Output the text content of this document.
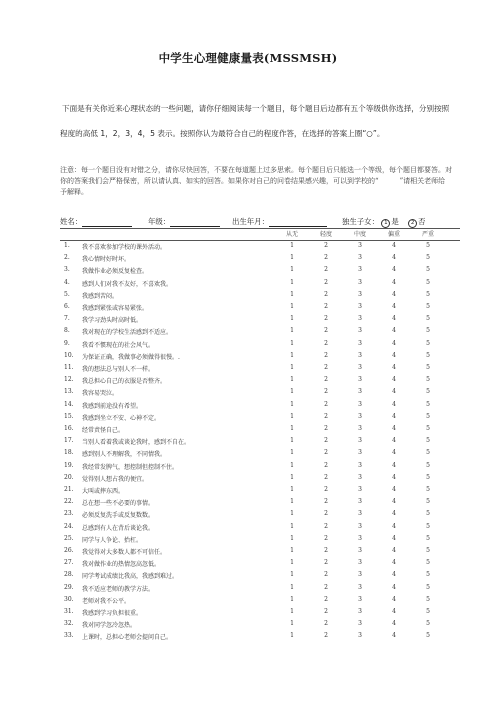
中学生心理健康量表(MSSMSH)

下面是有关你近来心理状态的一些问题，请你仔细阅读每一个题目，每个题目后边都有五个等级供你选择，分别按照程度的高低 1，2，3，4，5 表示。按照你认为最符合自己的程度作答，在选择的答案上圈“○”。

注意：每一个题目没有对错之分，请你尽快回答，不要在每道题上过多思索。每个题目后只能选一个等级，每个题目都要答。对你的答案我们会严格保密，所以请认真、如实的回答。如果你对自己的问卷结果感兴趣，可以到学校的“　　　”请相关老师给予解释。
姓名：	年级：	出生年月：	独生子女： 1 是 2 否
从无	轻度	中度	偏重	严重
1.	我不喜欢参加学校的课外活动。	1	2	3	4	5
2.	我心情时好时坏。	1	2	3	4	5
3.	我做作业必须反复检查。	1	2	3	4	5
4.	感到人们对我不友好，不喜欢我。	1	2	3	4	5
5.	我感到苦闷。	1	2	3	4	5
6.	我感到紧张或容易紧张。	1	2	3	4	5
7.	我学习劲头时高时低。	1	2	3	4	5
8.	我对现在的学校生活感到不适应。	1	2	3	4	5
9.	我看不惯现在的社会风气。	1	2	3	4	5
10.	为保证正确，我做事必须做得很慢。.	1	2	3	4	5
11.	我的想法总与别人不一样。	1	2	3	4	5
12.	我总担心自己的衣服是否整齐。	1	2	3	4	5
13.	我容易哭泣。	1	2	3	4	5
14.	我感到前途没有希望。	1	2	3	4	5
15.	我感到坐立不安、心神不定。	1	2	3	4	5
16.	经常责怪自己。	1	2	3	4	5
17.	当别人看着我或谈论我时，感到不自在。	1	2	3	4	5
18.	感到别人不理解我，不同情我。	1	2	3	4	5
19.	我经常发脾气，想控制但控制不住。	1	2	3	4	5
20.	觉得别人想占我的便宜。	1	2	3	4	5
21.	大叫或摔东西。	1	2	3	4	5
22.	总在想一些不必要的事情。	1	2	3	4	5
23.	必须反复洗手或反复数数。	1	2	3	4	5
24.	总感到有人在背后谈论我。	1	2	3	4	5
25.	同学与人争论、抬杠。	1	2	3	4	5
26.	我觉得对大多数人都不可信任。	1	2	3	4	5
27.	我对做作业的热情忽高忽低。	1	2	3	4	5
28.	同学考试成绩比我高，我感到难过。	1	2	3	4	5
29.	我不适应老师的教学方法。	1	2	3	4	5
30.	老师对我不公平。	1	2	3	4	5
31.	我感到学习负担很重。	1	2	3	4	5
32.	我对同学忽冷忽热。	1	2	3	4	5
33.	上课时，总担心老师会提问自己。	1	2	3	4	5
